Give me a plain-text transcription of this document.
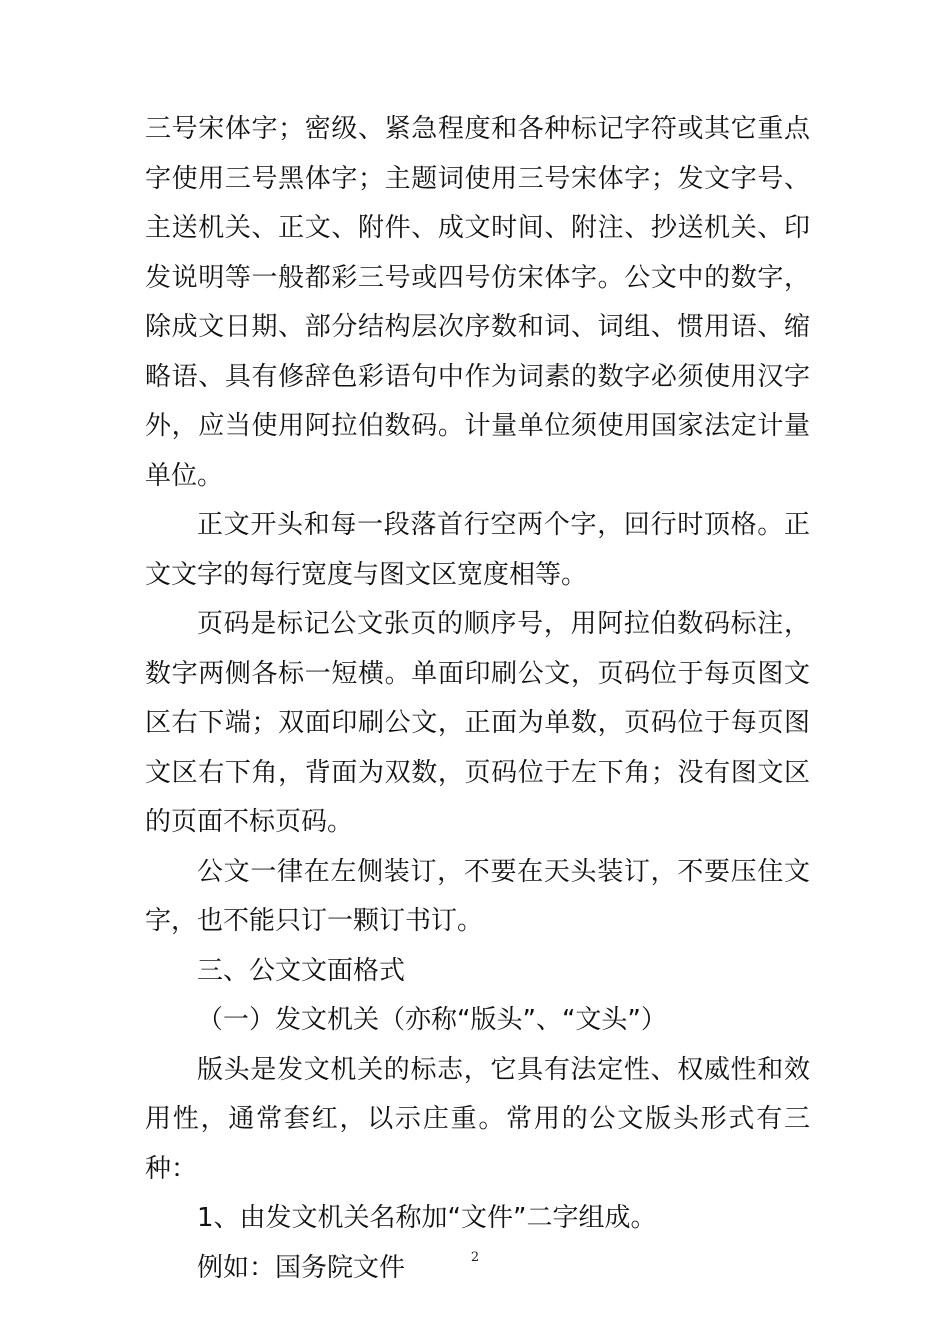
三号宋体字；密级、紧急程度和各种标记字符或其它重点字使用三号黑体字；主题词使用三号宋体字；发文字号、主送机关、正文、附件、成文时间、附注、抄送机关、印发说明等一般都彩三号或四号仿宋体字。公文中的数字，除成文日期、部分结构层次序数和词、词组、惯用语、缩略语、具有修辞色彩语句中作为词素的数字必须使用汉字外，应当使用阿拉伯数码。计量单位须使用国家法定计量单位。

正文开头和每一段落首行空两个字，回行时顶格。正文文字的每行宽度与图文区宽度相等。

页码是标记公文张页的顺序号，用阿拉伯数码标注，数字两侧各标一短横。单面印刷公文，页码位于每页图文区右下端；双面印刷公文，正面为单数，页码位于每页图文区右下角，背面为双数，页码位于左下角；没有图文区的页面不标页码。

公文一律在左侧装订，不要在天头装订，不要压住文字，也不能只订一颗订书订。

三、公文文面格式

（一）发文机关（亦称“版头”、“文头”）

版头是发文机关的标志，它具有法定性、权威性和效用性，通常套红，以示庄重。常用的公文版头形式有三种：

1、由发文机关名称加“文件”二字组成。

例如：国务院文件	2
